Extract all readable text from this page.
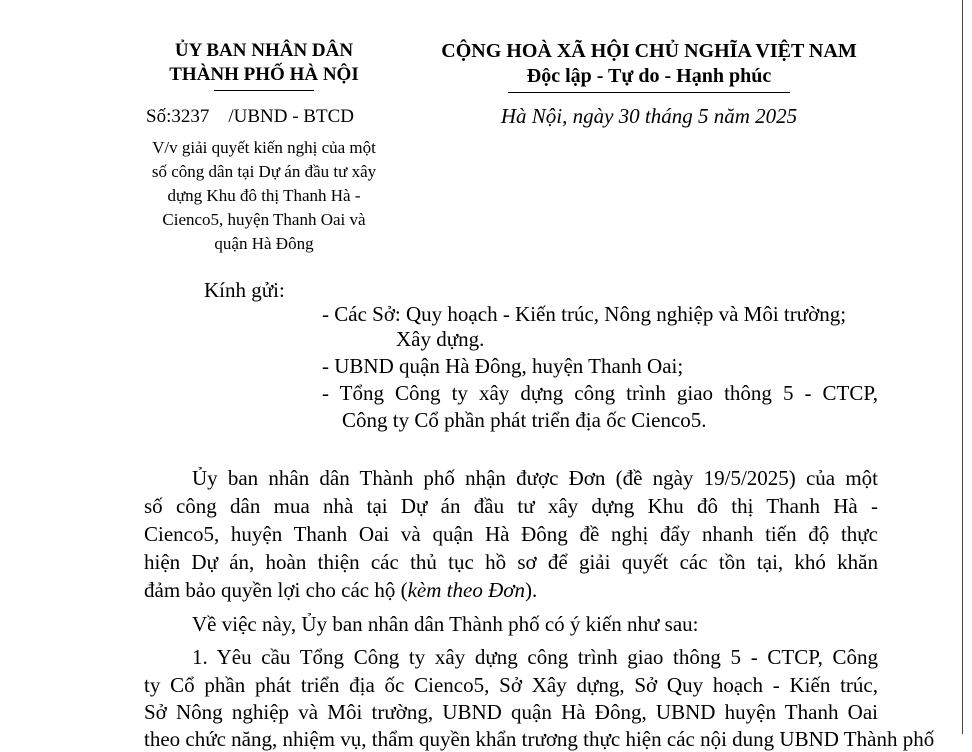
ỦY BAN NHÂN DÂN
THÀNH PHỐ HÀ NỘI
Số:3237 /UBND - BTCD
V/v giải quyết kiến nghị của một
số công dân tại Dự án đầu tư xây
dựng Khu đô thị Thanh Hà -
Cienco5, huyện Thanh Oai và
quận Hà Đông
CỘNG HOÀ XÃ HỘI CHỦ NGHĨA VIỆT NAM
Độc lập - Tự do - Hạnh phúc
Hà Nội, ngày 30 tháng 5 năm 2025
Kính gửi:
- Các Sở: Quy hoạch - Kiến trúc, Nông nghiệp và Môi trường;
Xây dựng.
- UBND quận Hà Đông, huyện Thanh Oai;
- Tổng Công ty xây dựng công trình giao thông 5 - CTCP,
Công ty Cổ phần phát triển địa ốc Cienco5.
Ủy ban nhân dân Thành phố nhận được Đơn (đề ngày 19/5/2025) của một
số công dân mua nhà tại Dự án đầu tư xây dựng Khu đô thị Thanh Hà -
Cienco5, huyện Thanh Oai và quận Hà Đông đề nghị đẩy nhanh tiến độ thực
hiện Dự án, hoàn thiện các thủ tục hồ sơ để giải quyết các tồn tại, khó khăn
đảm bảo quyền lợi cho các hộ (kèm theo Đơn).
Về việc này, Ủy ban nhân dân Thành phố có ý kiến như sau:
1. Yêu cầu Tổng Công ty xây dựng công trình giao thông 5 - CTCP, Công
ty Cổ phần phát triển địa ốc Cienco5, Sở Xây dựng, Sở Quy hoạch - Kiến trúc,
Sở Nông nghiệp và Môi trường, UBND quận Hà Đông, UBND huyện Thanh Oai
theo chức năng, nhiệm vụ, thẩm quyền khẩn trương thực hiện các nội dung UBND Thành phố
